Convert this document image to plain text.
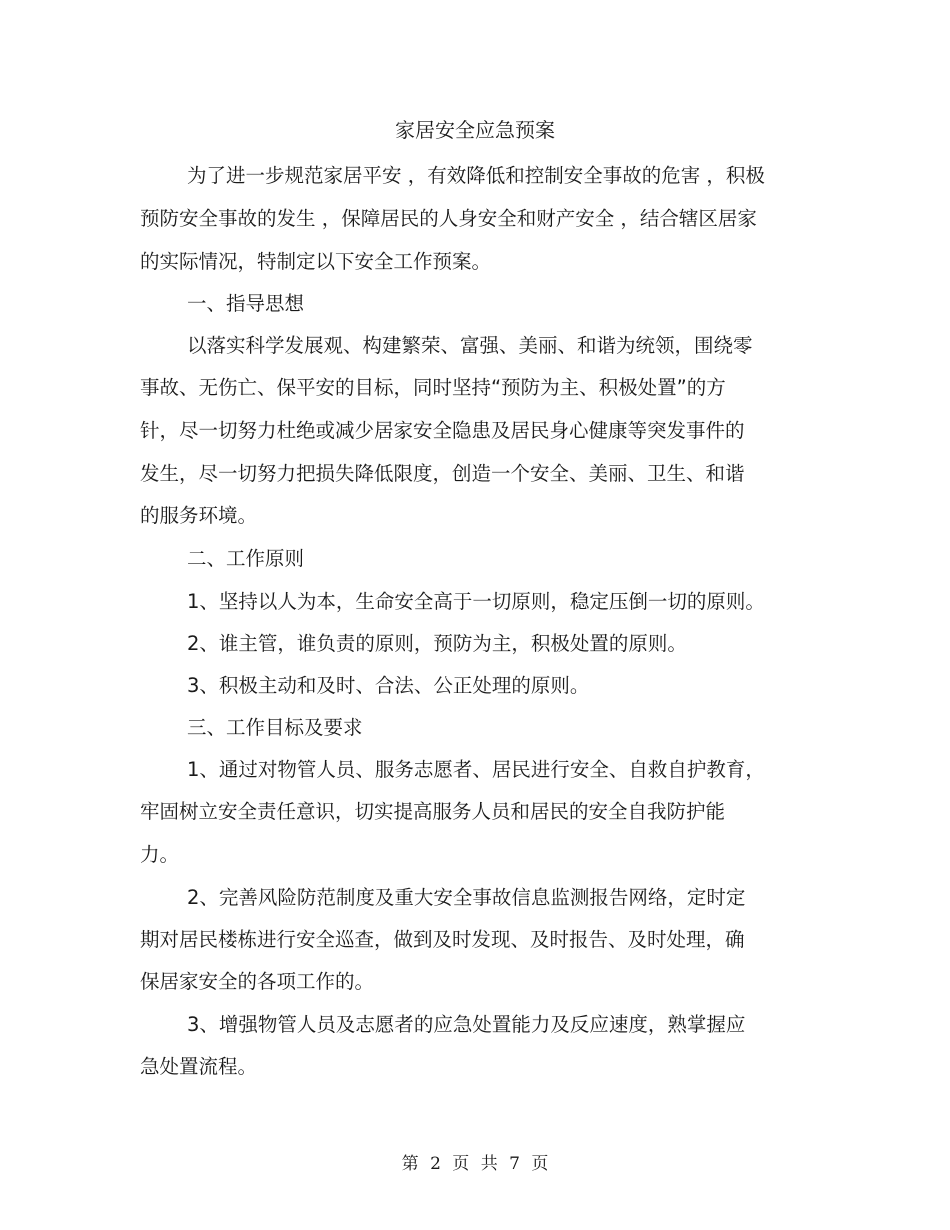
家居安全应急预案
为了进一步规范家居平安 ，有效降低和控制安全事故的危害 ，积极
预防安全事故的发生 ，保障居民的人身安全和财产安全 ，结合辖区居家
的实际情况，特制定以下安全工作预案。
一、指导思想
以落实科学发展观、构建繁荣、富强、美丽、和谐为统领，围绕零
事故、无伤亡、保平安的目标，同时坚持“预防为主、积极处置”的方
针，尽一切努力杜绝或减少居家安全隐患及居民身心健康等突发事件的
发生，尽一切努力把损失降低限度，创造一个安全、美丽、卫生、和谐
的服务环境。
二、工作原则
1、坚持以人为本，生命安全高于一切原则，稳定压倒一切的原则。
2、谁主管，谁负责的原则，预防为主，积极处置的原则。
3、积极主动和及时、合法、公正处理的原则。
三、工作目标及要求
1、通过对物管人员、服务志愿者、居民进行安全、自救自护教育，
牢固树立安全责任意识，切实提高服务人员和居民的安全自我防护能
力。
2、完善风险防范制度及重大安全事故信息监测报告网络，定时定
期对居民楼栋进行安全巡查，做到及时发现、及时报告、及时处理，确
保居家安全的各项工作的。
3、增强物管人员及志愿者的应急处置能力及反应速度，熟掌握应
急处置流程。
第 2 页 共 7 页
